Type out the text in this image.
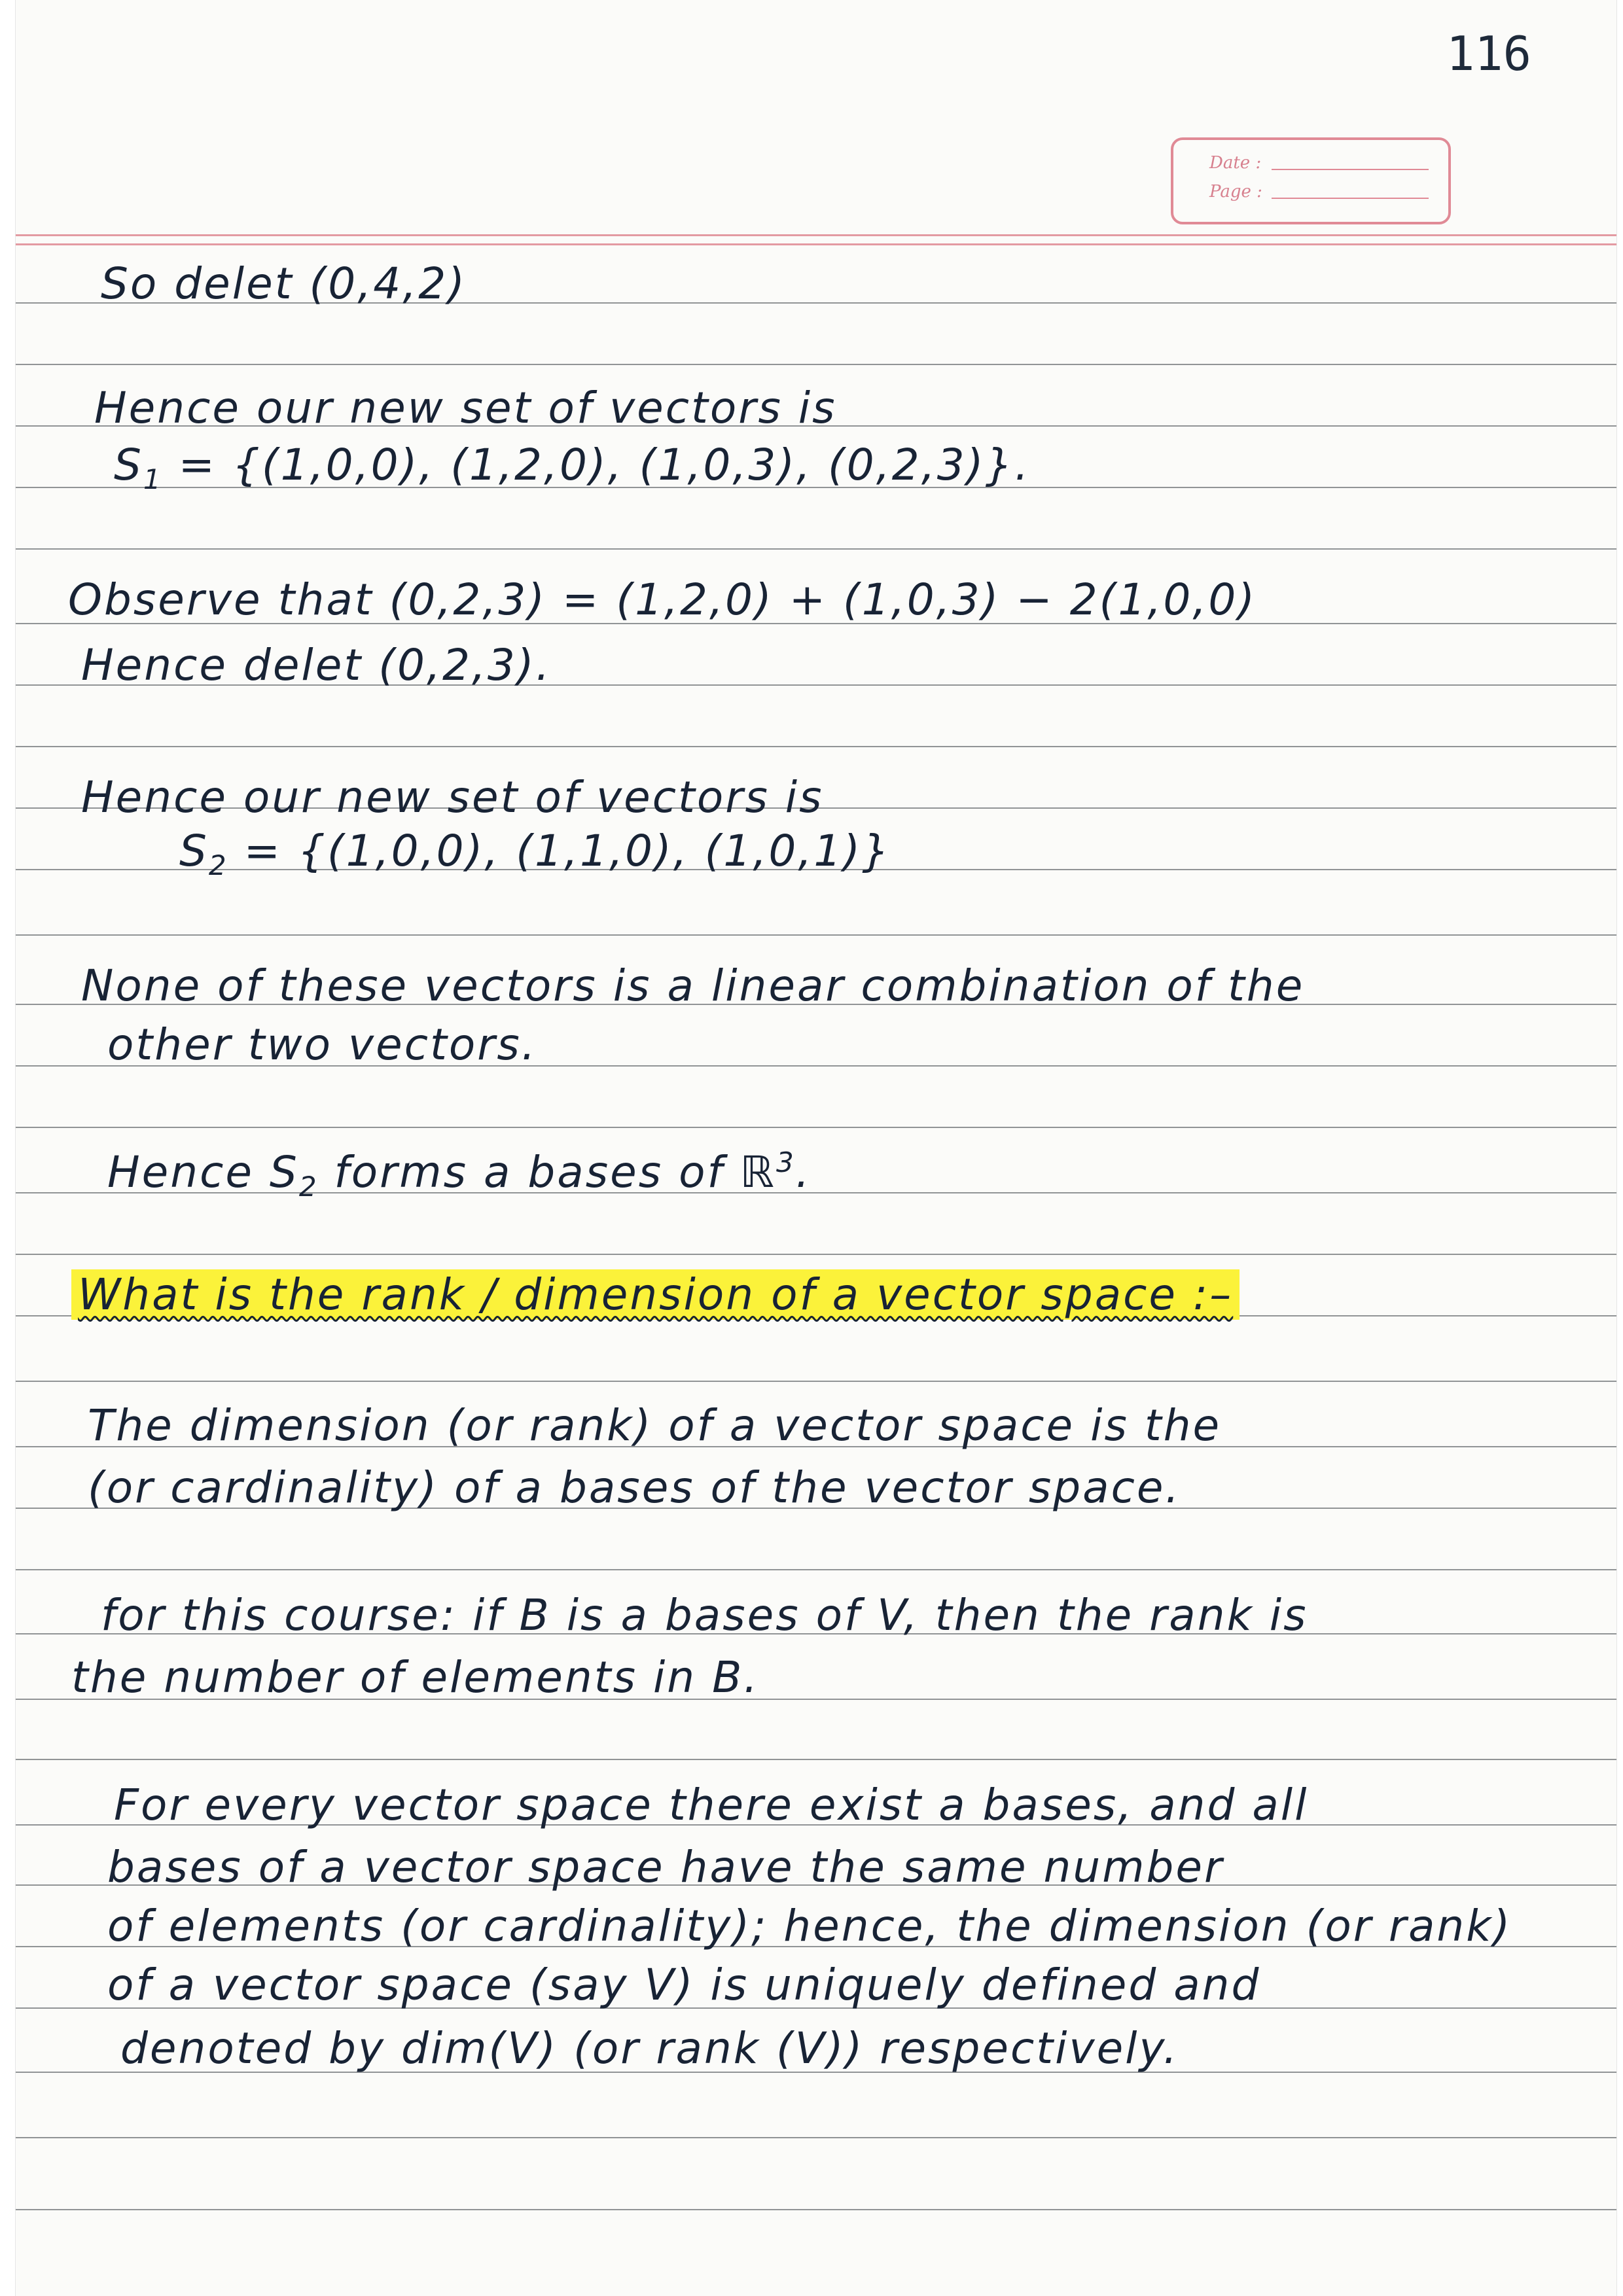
116
Date :
Page :
So delet (0,4,2)
Hence our new set of vectors is
$S_1 = \{(1,0,0)$, (1,2,0), (1,0,3), (0,2,3)}.
Observe that (0,2,3) = (1,2,0) + (1,0,3) − 2(1,0,0)
Hence delet (0,2,3).
Hence our new set of vectors is
$S_2 = \{(1,0,0)$, (1,1,0), (1,0,1)}
None of these vectors is a linear combination of the
other two vectors.
Hence $S_2$ forms a bases of ℝ$^3$.
What is the rank / dimension of a vector space :–
The dimension (or rank) of a vector space is the
(or cardinality) of a bases of the vector space.
for this course: if B is a bases of V, then the rank is
the number of elements in B.
For every vector space there exist a bases, and all
bases of a vector space have the same number
of elements (or cardinality); hence, the dimension (or rank)
of a vector space (say V) is uniquely defined and
denoted by dim(V) (or rank (V)) respectively.
